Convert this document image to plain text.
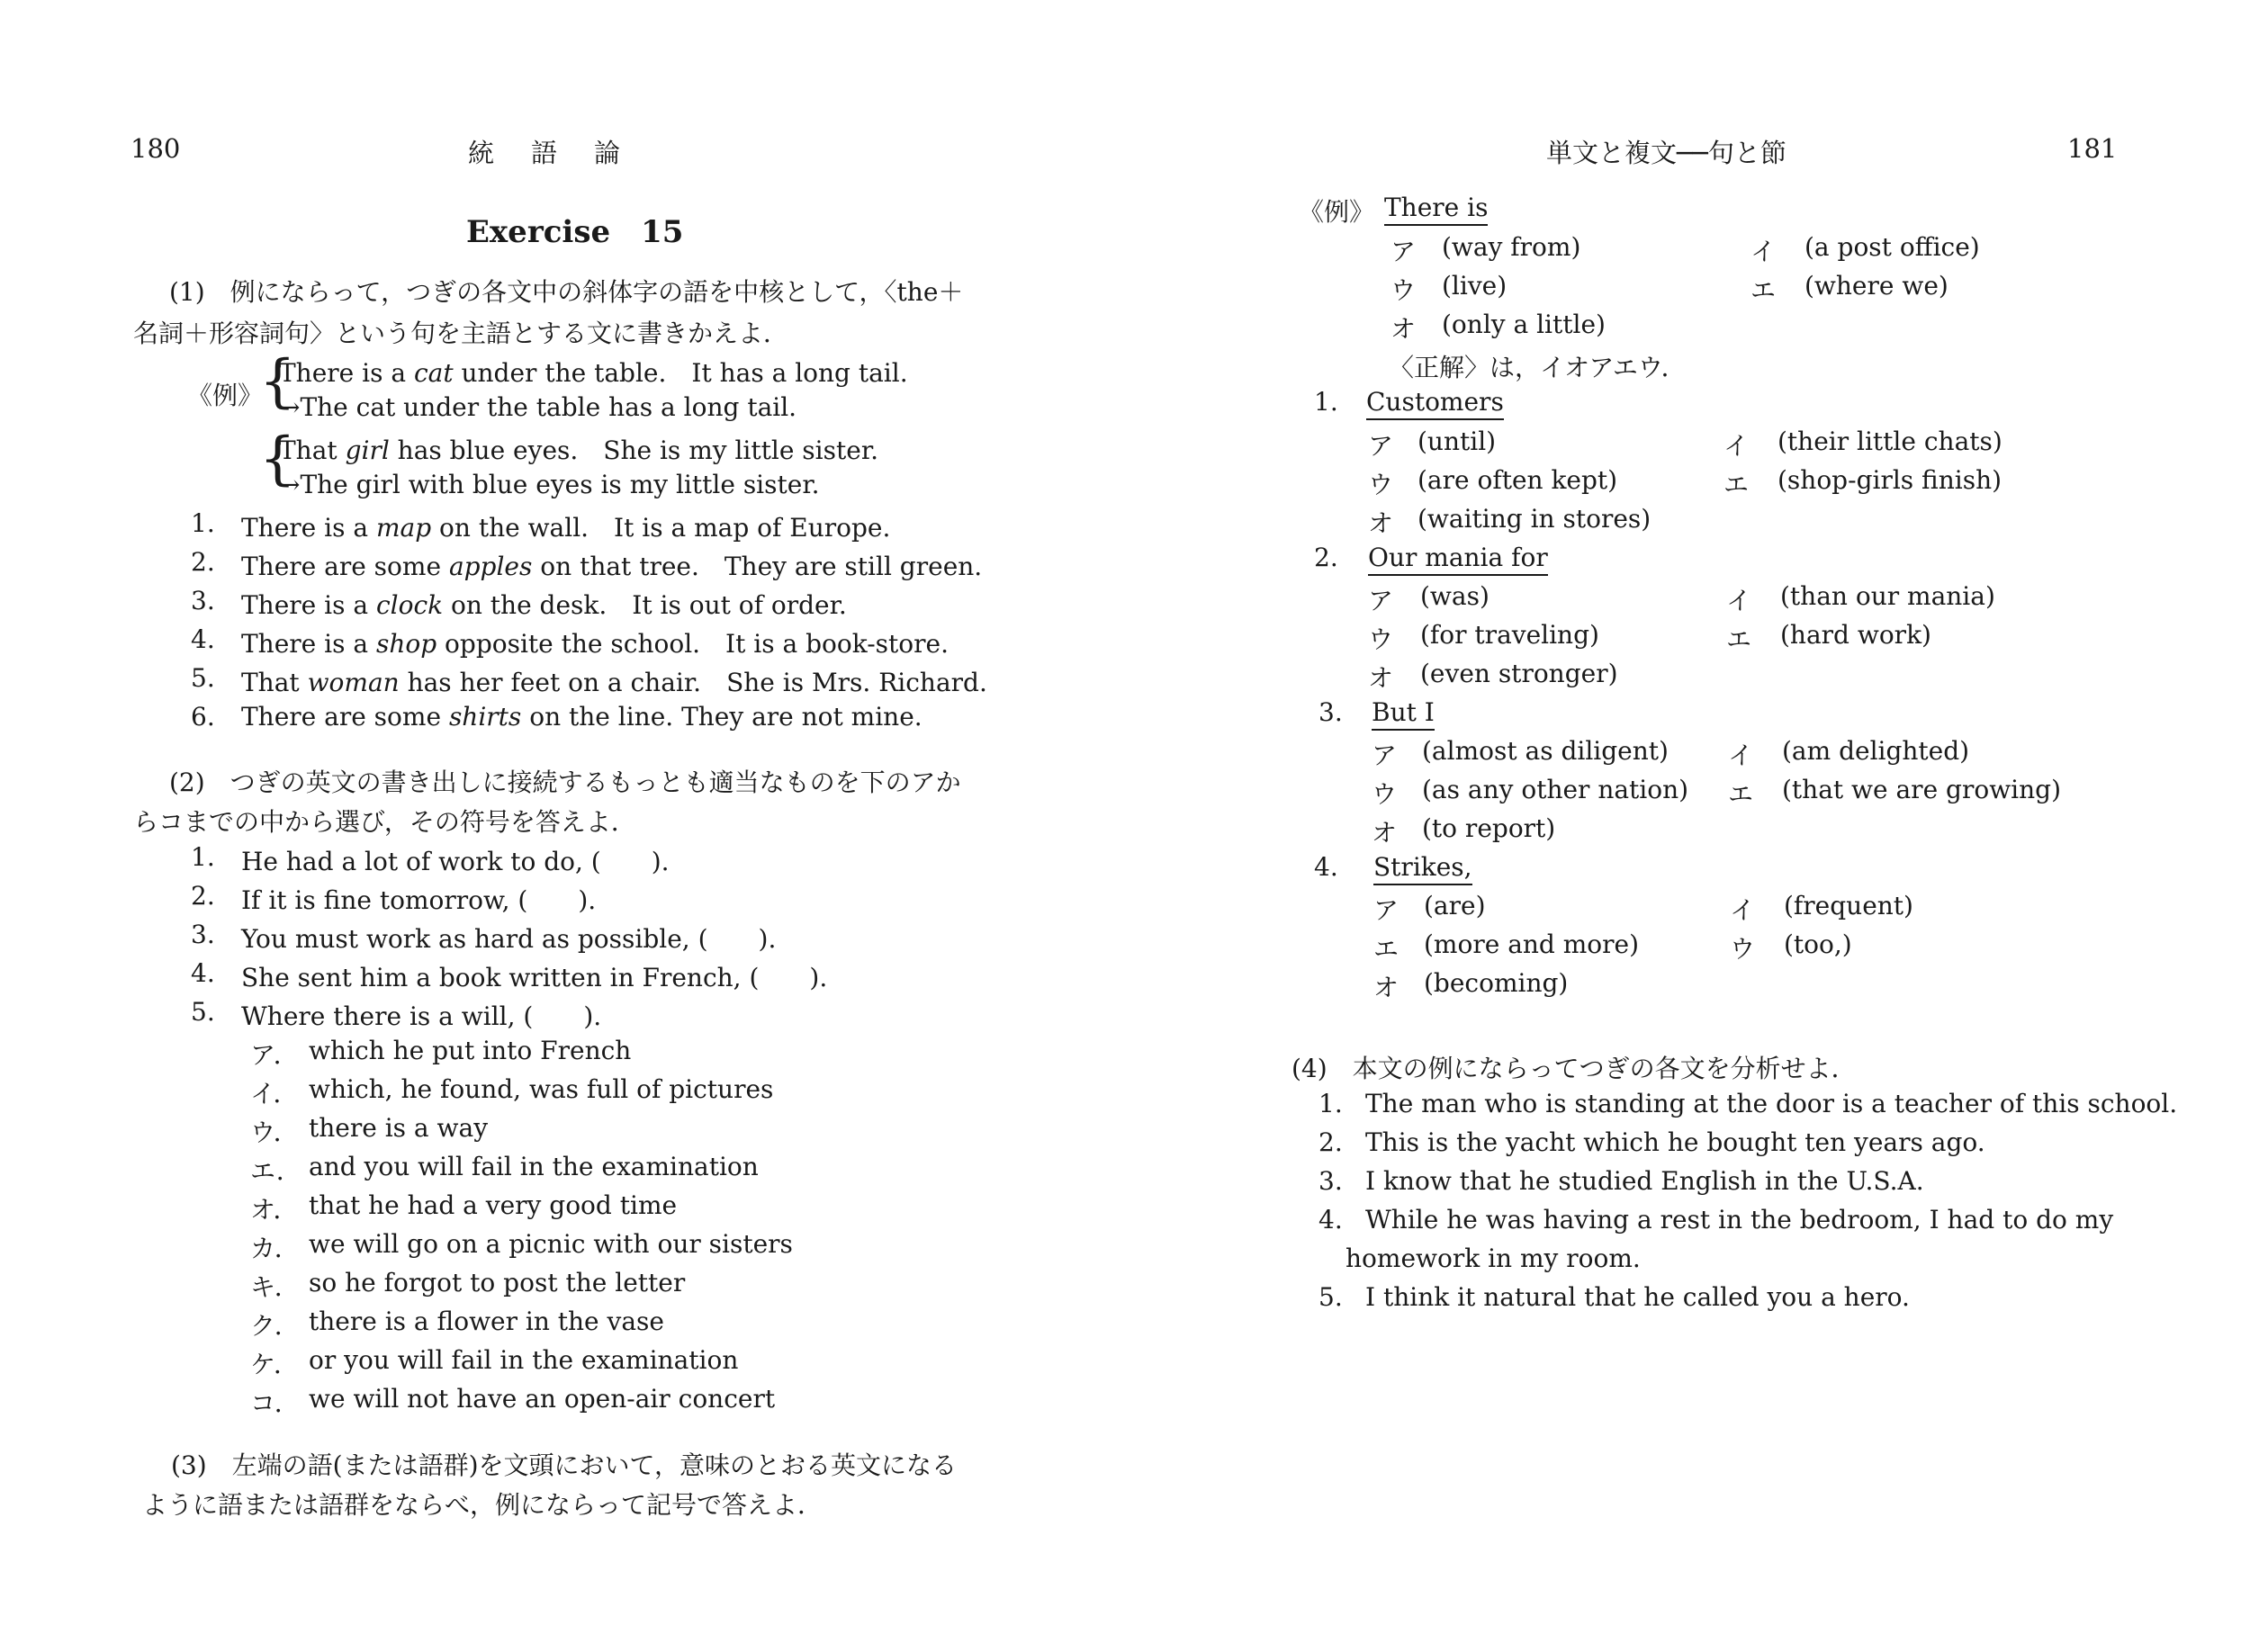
180	統　語　論
Exercise　15
(1)　例にならって，つぎの各文中の斜体字の語を中核として，〈the＋
名詞＋形容詞句〉という句を主語とする文に書きかえよ．
《例》
{
There is a cat under the table.　It has a long tail.
→The cat under the table has a long tail.
{
That girl has blue eyes.　She is my little sister.
→The girl with blue eyes is my little sister.
1. There is a map on the wall.　It is a map of Europe.
2. There are some apples on that tree.　They are still green.
3. There is a clock on the desk.　It is out of order.
4. There is a shop opposite the school.　It is a book-store.
5. That woman has her feet on a chair.　She is Mrs. Richard.
6. There are some shirts on the line. They are not mine.
(2)　つぎの英文の書き出しに接続するもっとも適当なものを下のアか
らコまでの中から選び，その符号を答えよ．
1. He had a lot of work to do, (　　).
2. If it is fine tomorrow, (　　).
3. You must work as hard as possible, (　　).
4. She sent him a book written in French, (　　).
5. Where there is a will, (　　).
ア． which he put into French
イ． which, he found, was full of pictures
ウ． there is a way
エ． and you will fail in the examination
オ． that he had a very good time
カ． we will go on a picnic with our sisters
キ． so he forgot to post the letter
ク． there is a flower in the vase
ケ． or you will fail in the examination
コ． we will not have an open-air concert
(3)　左端の語(または語群)を文頭において，意味のとおる英文になる
ように語または語群をならべ，例にならって記号で答えよ．
単文と複文──句と節	181
《例》 There is
ア (way from)	イ (a post office)
ウ (live)	エ (where we)
オ (only a little)
〈正解〉は，イオアエウ．
1. Customers
ア (until)	イ (their little chats)
ウ (are often kept)	エ (shop-girls finish)
オ (waiting in stores)
2. Our mania for
ア (was)	イ (than our mania)
ウ (for traveling)	エ (hard work)
オ (even stronger)
3. But I
ア (almost as diligent) イ (am delighted)
ウ (as any other nation) エ (that we are growing)
オ (to report)
4. Strikes,
ア (are)	イ (frequent)
エ (more and more)	ウ (too,)
オ (becoming)
(4)　本文の例にならってつぎの各文を分析せよ．
1. The man who is standing at the door is a teacher of this school.
2. This is the yacht which he bought ten years ago.
3. I know that he studied English in the U.S.A.
4. While he was having a rest in the bedroom, I had to do my
homework in my room.
5. I think it natural that he called you a hero.
